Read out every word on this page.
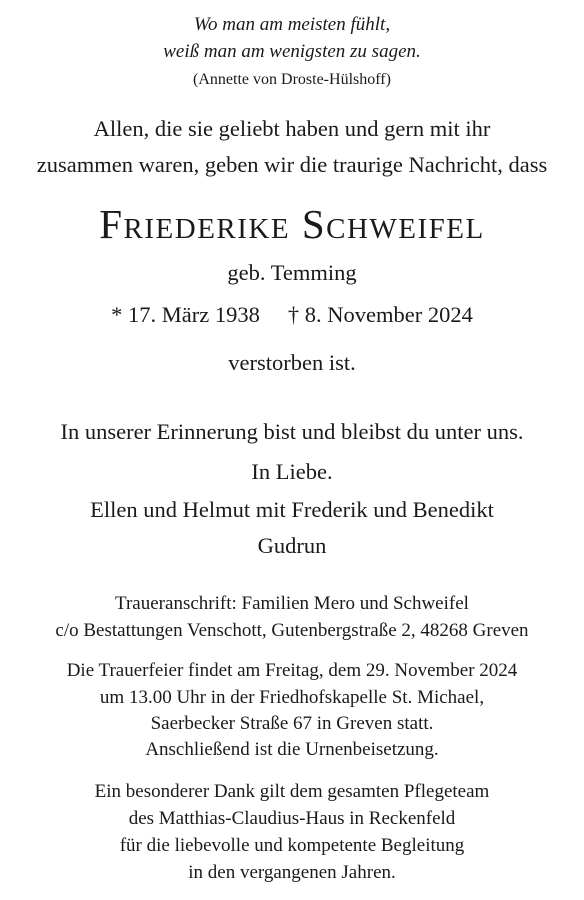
Wo man am meisten fühlt,
weiß man am wenigsten zu sagen.
(Annette von Droste-Hülshoff)
Allen, die sie geliebt haben und gern mit ihr
zusammen waren, geben wir die traurige Nachricht, dass
Friederike Schweifel
geb. Temming
* 17. März 1938 † 8. November 2024
verstorben ist.
In unserer Erinnerung bist und bleibst du unter uns.
In Liebe.
Ellen und Helmut mit Frederik und Benedikt
Gudrun
Traueranschrift: Familien Mero und Schweifel
c/o Bestattungen Venschott, Gutenbergstraße 2, 48268 Greven
Die Trauerfeier findet am Freitag, dem 29. November 2024
um 13.00 Uhr in der Friedhofskapelle St. Michael,
Saerbecker Straße 67 in Greven statt.
Anschließend ist die Urnenbeisetzung.
Ein besonderer Dank gilt dem gesamten Pflegeteam
des Matthias-Claudius-Haus in Reckenfeld
für die liebevolle und kompetente Begleitung
in den vergangenen Jahren.
